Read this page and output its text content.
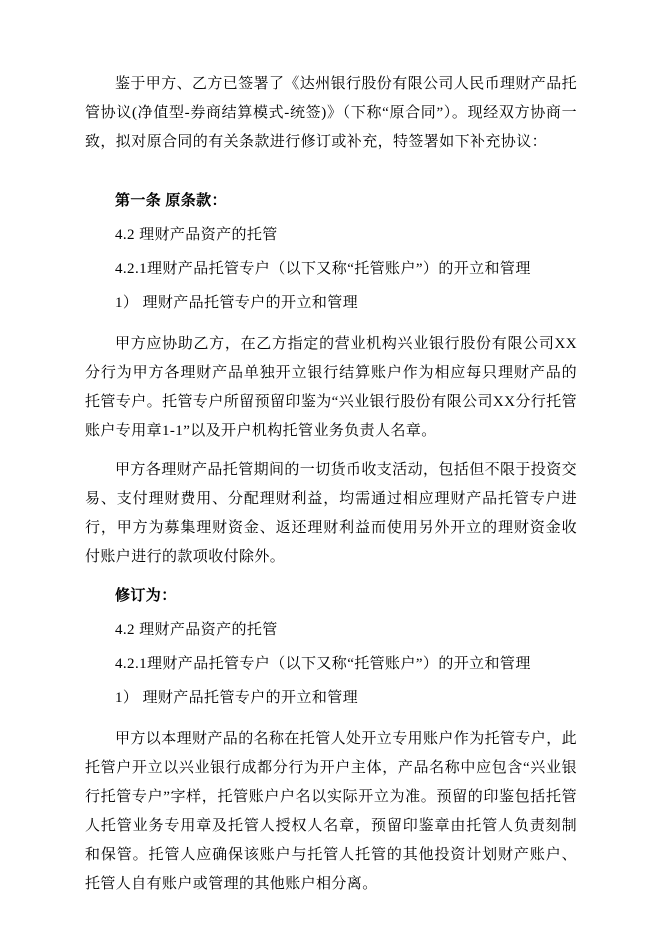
鉴于甲方、乙方已签署了《达州银行股份有限公司人民币理财产品托管协议(净值型-券商结算模式-统签)》（下称“原合同”）。现经双方协商一致，拟对原合同的有关条款进行修订或补充，特签署如下补充协议：

第一条 原条款：

4.2 理财产品资产的托管

4.2.1理财产品托管专户（以下又称“托管账户”）的开立和管理

1） 理财产品托管专户的开立和管理

甲方应协助乙方，在乙方指定的营业机构兴业银行股份有限公司XX分行为甲方各理财产品单独开立银行结算账户作为相应每只理财产品的托管专户。托管专户所留预留印鉴为“兴业银行股份有限公司XX分行托管账户专用章1-1”以及开户机构托管业务负责人名章。

甲方各理财产品托管期间的一切货币收支活动，包括但不限于投资交易、支付理财费用、分配理财利益，均需通过相应理财产品托管专户进行，甲方为募集理财资金、返还理财利益而使用另外开立的理财资金收付账户进行的款项收付除外。

修订为：

4.2 理财产品资产的托管

4.2.1理财产品托管专户（以下又称“托管账户”）的开立和管理

1） 理财产品托管专户的开立和管理

甲方以本理财产品的名称在托管人处开立专用账户作为托管专户，此托管户开立以兴业银行成都分行为开户主体，产品名称中应包含“兴业银行托管专户”字样，托管账户户名以实际开立为准。预留的印鉴包括托管人托管业务专用章及托管人授权人名章，预留印鉴章由托管人负责刻制和保管。托管人应确保该账户与托管人托管的其他投资计划财产账户、托管人自有账户或管理的其他账户相分离。
